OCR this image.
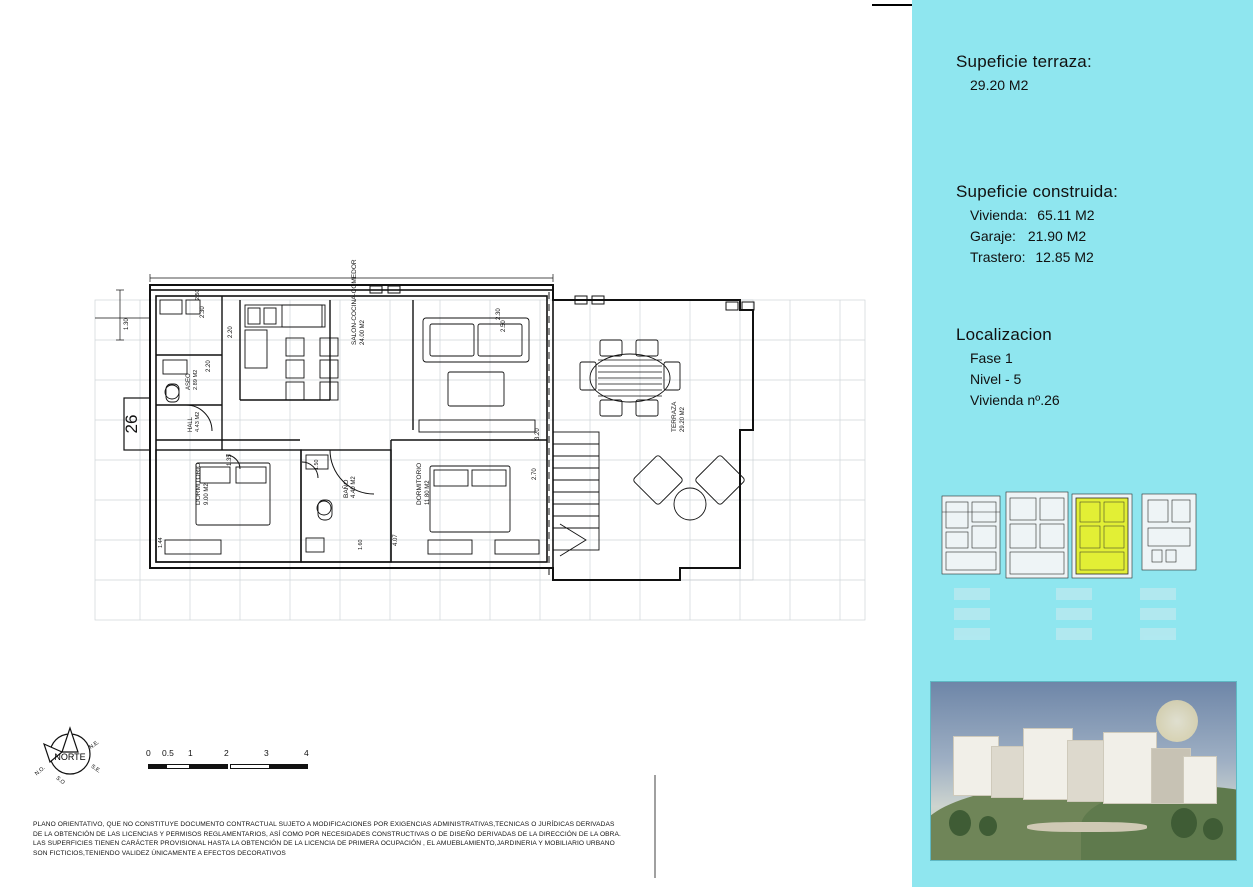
26
SALON-COCINA-COMEDOR 24.00 M2
TERRAZA 29.20 M2
DORMITORIO 9.00 M2	DORMITORIO 11.80 M2
BAÑO 4.40 M2
ASEO 2.89 M2
HALL 4.43 M2
2.30
2.20
2.20
2.30
1.30	2.50
3.20
2.70
2.50
1.35
4.07
1.60
1.44
1.50
NORTE
N.E.
S.E.
N.O.
S.O.
0 0.5 1	2	3	4
PLANO ORIENTATIVO, QUE NO CONSTITUYE DOCUMENTO CONTRACTUAL SUJETO A MODIFICACIONES POR EXIGENCIAS ADMINISTRATIVAS,TECNICAS O JURÍDICAS DERIVADAS
DE LA OBTENCIÓN DE LAS LICENCIAS Y PERMISOS REGLAMENTARIOS, ASÍ COMO POR NECESIDADES CONSTRUCTIVAS O DE DISEÑO DERIVADAS DE LA DIRECCIÓN DE LA OBRA.
LAS SUPERFICIES TIENEN CARÁCTER PROVISIONAL HASTA LA OBTENCIÓN DE LA LICENCIA DE PRIMERA OCUPACIÓN , EL AMUEBLAMIENTO,JARDINERIA Y MOBILIARIO URBANO
SON FICTICIOS,TENIENDO VALIDEZ ÚNICAMENTE A EFECTOS DECORATIVOS
Supeficie terraza:
29.20 M2
Supeficie construida:
Vivienda: 65.11 M2
Garaje: 21.90 M2
Trastero: 12.85 M2
Localizacion
Fase 1
Nivel - 5
Vivienda nº.26
